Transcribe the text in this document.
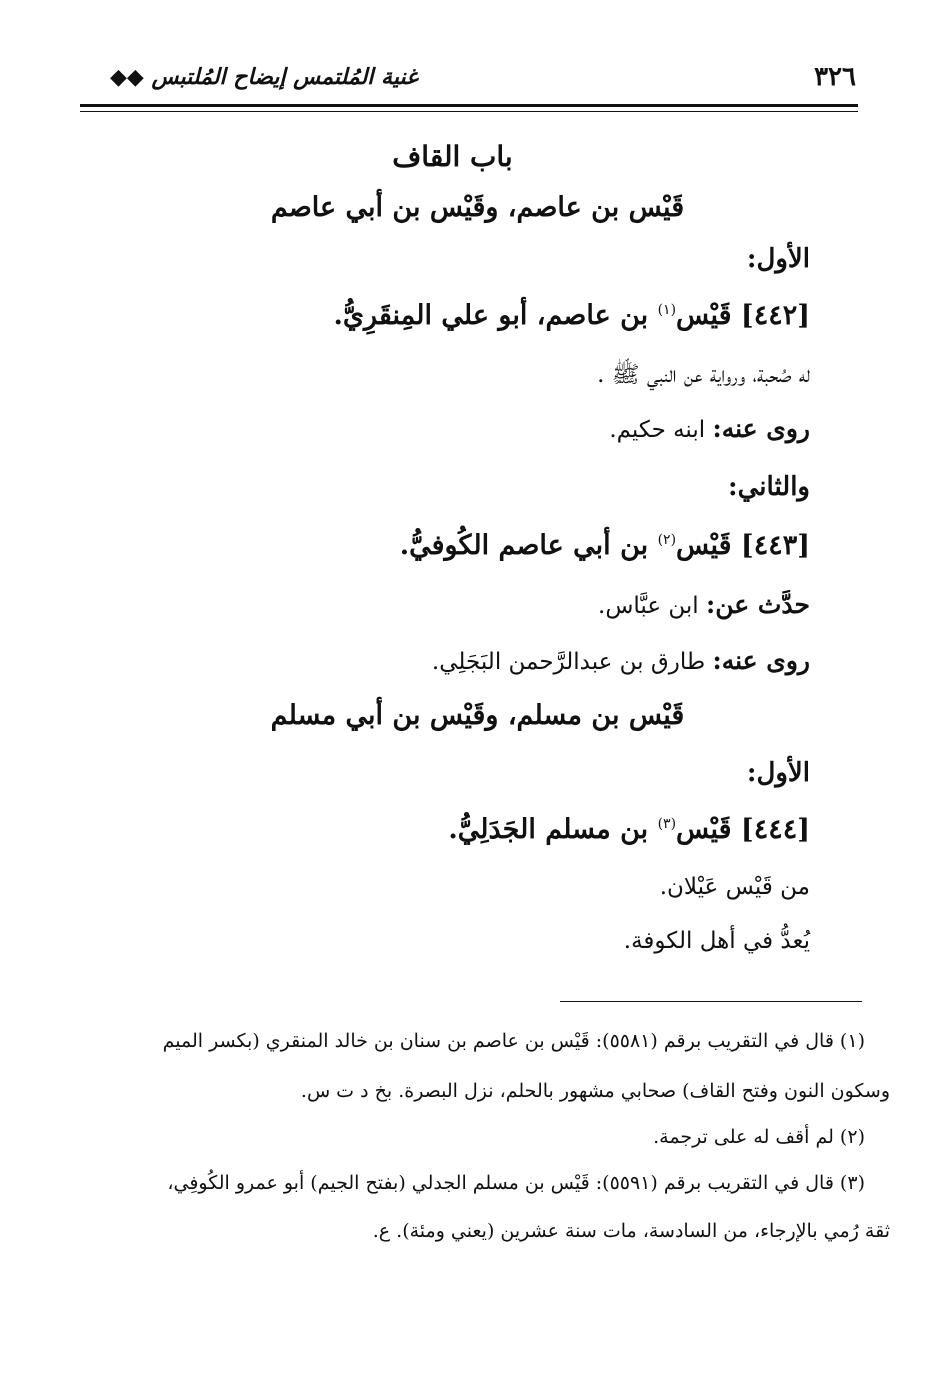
٣٢٦
غنية المُلتمس إيضاح المُلتبس ◆◆
باب القاف
قَيْس بن عاصم، وقَيْس بن أبي عاصم
الأول:
[٤٤٢] قَيْس$^{(١)}$ بن عاصم، أبو علي المِنقَرِيُّ.
له صُحبة، ورواية عن النبي ﷺ .
روى عنه: ابنه حكيم.
والثاني:
[٤٤٣] قَيْس$^{(٢)}$ بن أبي عاصم الكُوفيُّ.
حدَّث عن: ابن عبَّاس.
روى عنه: طارق بن عبدالرَّحمن البَجَلِي.
قَيْس بن مسلم، وقَيْس بن أبي مسلم
الأول:
[٤٤٤] قَيْس$^{(٣)}$ بن مسلم الجَدَلِيُّ.
من قَيْس عَيْلان.
يُعدُّ في أهل الكوفة.
(١) قال في التقريب برقم (٥٥٨١): قَيْس بن عاصم بن سنان بن خالد المنقري (بكسر الميم
وسكون النون وفتح القاف) صحابي مشهور بالحلم، نزل البصرة. بخ د ت س.
(٢) لم أقف له على ترجمة.
(٣) قال في التقريب برقم (٥٥٩١): قَيْس بن مسلم الجدلي (بفتح الجيم) أبو عمرو الكُوفِي،
ثقة رُمي بالإرجاء، من السادسة، مات سنة عشرين (يعني ومئة). ع.
